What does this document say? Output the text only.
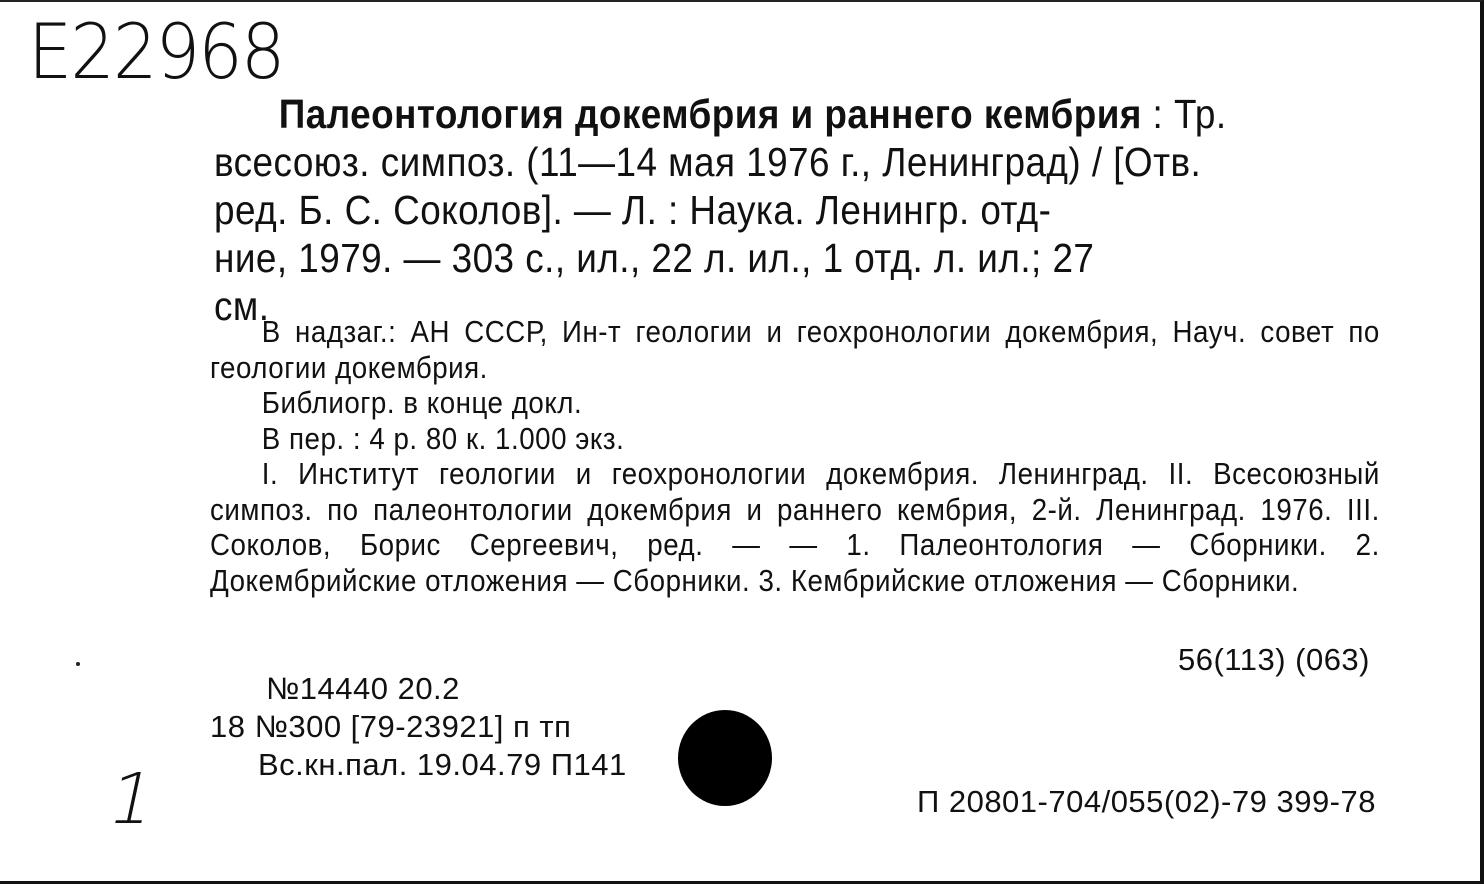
E22968
Палеонтология докембрия и раннего кембрия : Тр.
всесоюз. симпоз. (11—14 мая 1976 г., Ленинград) / [Отв.
ред. Б. С. Соколов]. — Л. : Наука. Ленингр. отд-
ние, 1979. — 303 с., ил., 22 л. ил., 1 отд. л. ил.; 27
см.

В надзаг.: АН СССР, Ин-т геологии и геохронологии докембрия, Науч. совет по геологии докембрия.

Библиогр. в конце докл.

В пер. : 4 р. 80 к. 1.000 экз.

I. Институт геологии и геохронологии докембрия. Ленинград. II. Всесоюзный симпоз. по палеонтологии докембрия и раннего кембрия, 2-й. Ленинград. 1976. III. Соколов, Борис Сергеевич, ред. — — 1. Палеонтология — Сборники. 2. Докембрийские отложения — Сборники. 3. Кембрийские отложения — Сборники.

56(113) (063)
№14440 20.2
18 №300 [79-23921] п тп
Вс.кн.пал. 19.04.79 П141
1	П 20801-704/055(02)-79 399-78
